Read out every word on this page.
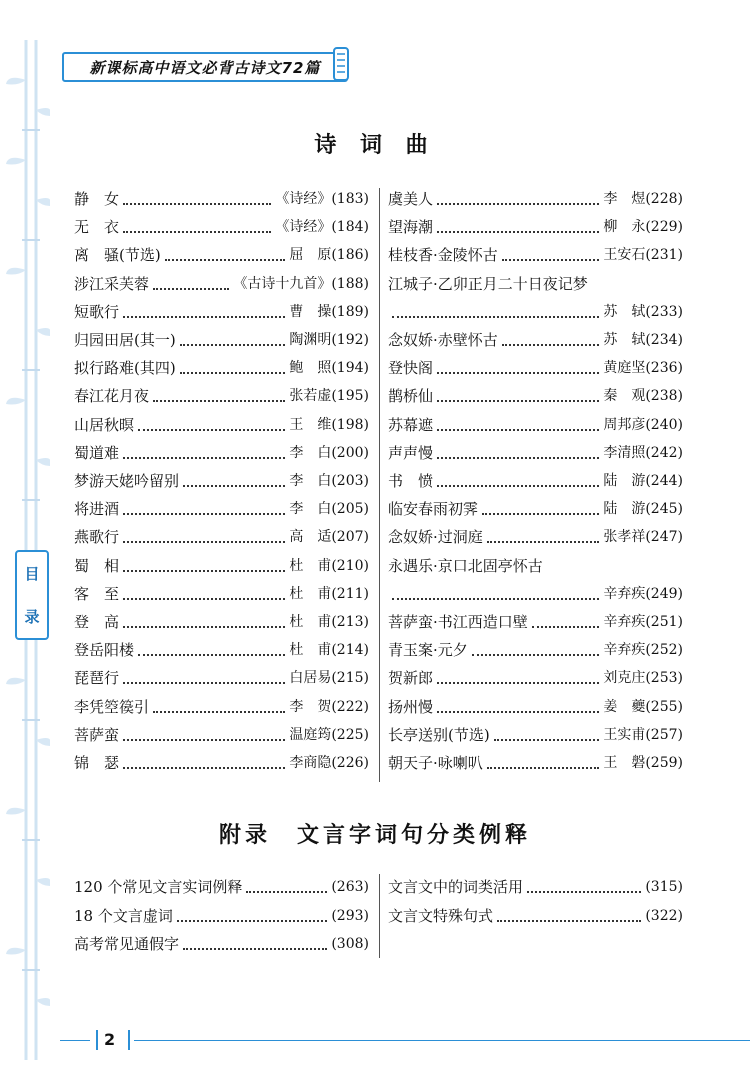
新课标高中语文必背古诗文72篇
诗 词 曲
静　女	《诗经》 (183)
无　衣	《诗经》 (184)
离　骚(节选)	屈　原 (186)
涉江采芙蓉	《古诗十九首》 (188)
短歌行	曹　操 (189)
归园田居(其一)	陶渊明 (192)
拟行路难(其四)	鲍　照 (194)
春江花月夜	张若虚 (195)
山居秋暝	王　维 (198)
蜀道难	李　白 (200)
梦游天姥吟留别	李　白 (203)
将进酒	李　白 (205)
燕歌行	高　适 (207)
蜀　相	杜　甫 (210)
客　至	杜　甫 (211)
登　高	杜　甫 (213)
登岳阳楼	杜　甫 (214)
琵琶行	白居易 (215)
李凭箜篌引	李　贺 (222)
菩萨蛮	温庭筠 (225)
锦　瑟	李商隐 (226)
虞美人	李　煜 (228)
望海潮	柳　永 (229)
桂枝香·金陵怀古	王安石 (231)
江城子·乙卯正月二十日夜记梦
苏　轼 (233)
念奴娇·赤壁怀古	苏　轼 (234)
登快阁	黄庭坚 (236)
鹊桥仙	秦　观 (238)
苏幕遮	周邦彦 (240)
声声慢	李清照 (242)
书　愤	陆　游 (244)
临安春雨初霁	陆　游 (245)
念奴娇·过洞庭	张孝祥 (247)
永遇乐·京口北固亭怀古
辛弃疾 (249)
菩萨蛮·书江西造口壁	辛弃疾 (251)
青玉案·元夕	辛弃疾 (252)
贺新郎	刘克庄 (253)
扬州慢	姜　夔 (255)
长亭送别(节选)	王实甫 (257)
朝天子·咏喇叭	王　磐 (259)
附录　文言字词句分类例释
120 个常见文言实词例释	(263)
18 个文言虚词	(293)
高考常见通假字	(308)
文言文中的词类活用	(315)
文言文特殊句式	(322)
目
录
2
